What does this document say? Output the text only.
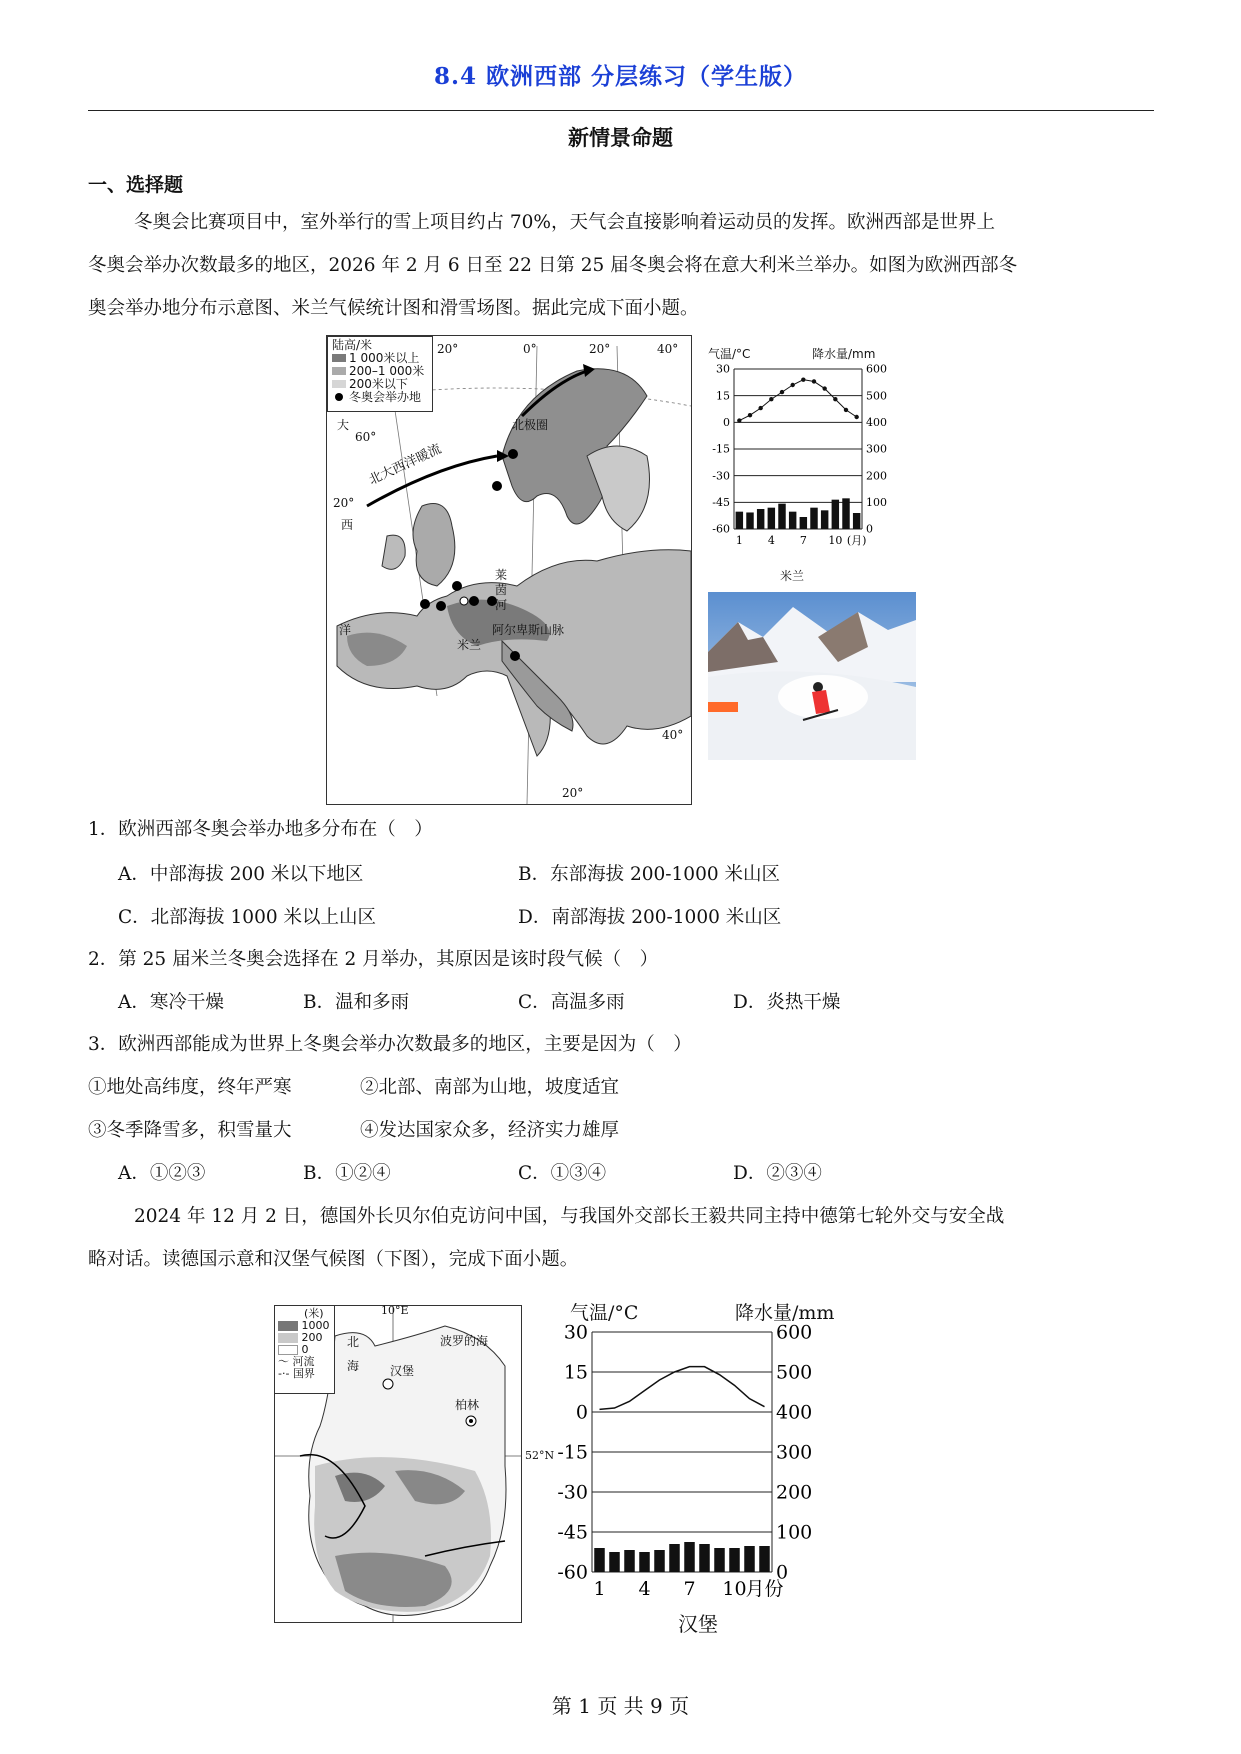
8.4 欧洲西部 分层练习（学生版）
新情景命题
一、选择题
冬奥会比赛项目中，室外举行的雪上项目约占 70%，天气会直接影响着运动员的发挥。欧洲西部是世界上
冬奥会举办次数最多的地区，2026 年 2 月 6 日至 22 日第 25 届冬奥会将在意大利米兰举办。如图为欧洲西部冬
奥会举办地分布示意图、米兰气候统计图和滑雪场图。据此完成下面小题。
陆高/米
1 000米以上
200–1 000米
200米以下
冬奥会举办地
20°	0°	20°	40°
60°
20°
40°
20°
大
西
洋
北大西洋暖流
北极圈
莱
茵
河
阿尔卑斯山脉
米兰
气温/°C	降水量/mm
30	600
15	500
0	400
-15	300
-30	200
-45	100
-60	0
1 4 7 10 (月)
米兰
1．欧洲西部冬奥会举办地多分布在（　）
A．中部海拔 200 米以下地区	B．东部海拔 200-1000 米山区
C．北部海拔 1000 米以上山区	D．南部海拔 200-1000 米山区
2．第 25 届米兰冬奥会选择在 2 月举办，其原因是该时段气候（　）
A．寒冷干燥	B．温和多雨	C．高温多雨	D．炎热干燥
3．欧洲西部能成为世界上冬奥会举办次数最多的地区，主要是因为（　）
①地处高纬度，终年严寒	②北部、南部为山地，坡度适宜
③冬季降雪多，积雪量大	④发达国家众多，经济实力雄厚
A．①②③	B．①②④	C．①③④	D．②③④
2024 年 12 月 2 日，德国外长贝尔伯克访问中国，与我国外交部长王毅共同主持中德第七轮外交与安全战
略对话。读德国示意和汉堡气候图（下图），完成下面小题。
(米)
1000
200
0
〜 河流
-·- 国界
10°E
52°N
北
海
波罗的海
汉堡
柏林
气温/°C	降水量/mm
30	600
15	500
0	400
-15	300
-30	200
-45	100
-60	0
1 4 7 10
月份
汉堡
第 1 页 共 9 页
